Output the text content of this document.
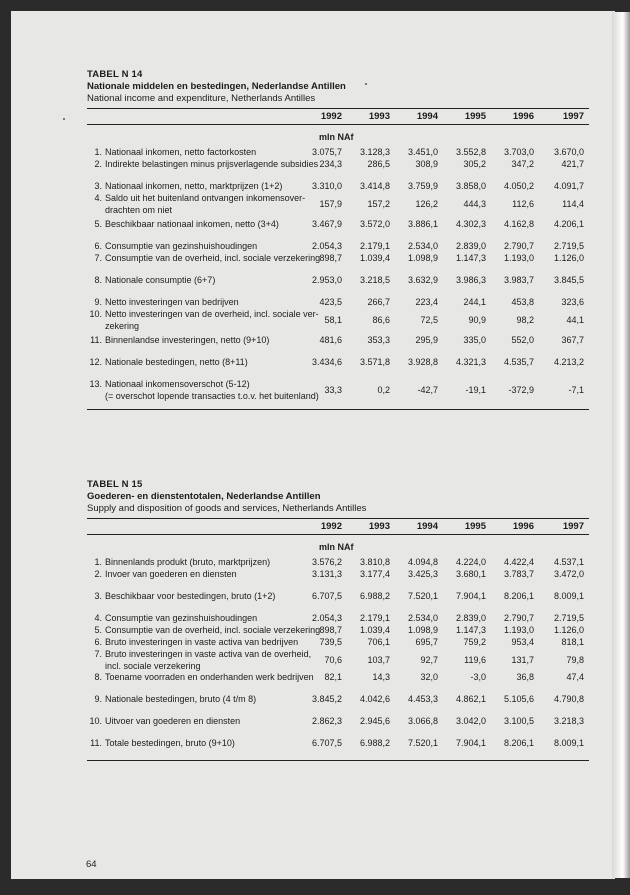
TABEL N 14
Nationale middelen en bestedingen, Nederlandse Antillen
National income and expenditure, Netherlands Antilles
1992	1993	1994	1995	1996	1997
mln NAf
1. Nationaal inkomen, netto factorkosten	3.075,7	3.128,3	3.451,0	3.552,8	3.703,0	3.670,0
2. Indirekte belastingen minus prijsverlagende subsidies 234,3	286,5	308,9	305,2	347,2	421,7
3. Nationaal inkomen, netto, marktprijzen (1+2)	3.310,0	3.414,8	3.759,9	3.858,0	4.050,2	4.091,7
4. Saldo uit het buitenland ontvangen inkomensover-
drachten om niet
157,9	157,2	126,2	444,3	112,6	114,4
5. Beschikbaar nationaal inkomen, netto (3+4)	3.467,9	3.572,0	3.886,1	4.302,3	4.162,8	4.206,1
6. Consumptie van gezinshuishoudingen	2.054,3	2.179,1	2.534,0	2.839,0	2.790,7	2.719,5
7. Consumptie van de overheid, incl. sociale verzekering 898,7	1.039,4	1.098,9	1.147,3	1.193,0	1.126,0
8. Nationale consumptie (6+7)	2.953,0	3.218,5	3.632,9	3.986,3	3.983,7	3.845,5
9. Netto investeringen van bedrijven	423,5	266,7	223,4	244,1	453,8	323,6
10. Netto investeringen van de overheid, incl. sociale ver-
zekering
58,1	86,6	72,5	90,9	98,2	44,1
11. Binnenlandse investeringen, netto (9+10)	481,6	353,3	295,9	335,0	552,0	367,7
12. Nationale bestedingen, netto (8+11)	3.434,6	3.571,8	3.928,8	4.321,3	4.535,7	4.213,2
13. Nationaal inkomensoverschot (5-12)
(= overschot lopende transacties t.o.v. het buitenland)
33,3	0,2	-42,7	-19,1	-372,9	-7,1
TABEL N 15
Goederen- en dienstentotalen, Nederlandse Antillen
Supply and disposition of goods and services, Netherlands Antilles
1992	1993	1994	1995	1996	1997
mln NAf
1. Binnenlands produkt (bruto, marktprijzen)	3.576,2	3.810,8	4.094,8	4.224,0	4.422,4	4.537,1
2. Invoer van goederen en diensten	3.131,3	3.177,4	3.425,3	3.680,1	3.783,7	3.472,0
3. Beschikbaar voor bestedingen, bruto (1+2)	6.707,5	6.988,2	7.520,1	7.904,1	8.206,1	8.009,1
4. Consumptie van gezinshuishoudingen	2.054,3	2.179,1	2.534,0	2.839,0	2.790,7	2.719,5
5. Consumptie van de overheid, incl. sociale verzekering 898,7	1.039,4	1.098,9	1.147,3	1.193,0	1.126,0
6. Bruto investeringen in vaste activa van bedrijven	739,5	706,1	695,7	759,2	953,4	818,1
7. Bruto investeringen in vaste activa van de overheid,
incl. sociale verzekering
70,6	103,7	92,7	119,6	131,7	79,8
8. Toename voorraden en onderhanden werk bedrijven	82,1	14,3	32,0	-3,0	36,8	47,4
9. Nationale bestedingen, bruto (4 t/m 8)	3.845,2	4.042,6	4.453,3	4.862,1	5.105,6	4.790,8
10. Uitvoer van goederen en diensten	2.862,3	2.945,6	3.066,8	3.042,0	3.100,5	3.218,3
11. Totale bestedingen, bruto (9+10)	6.707,5	6.988,2	7.520,1	7.904,1	8.206,1	8.009,1
64
